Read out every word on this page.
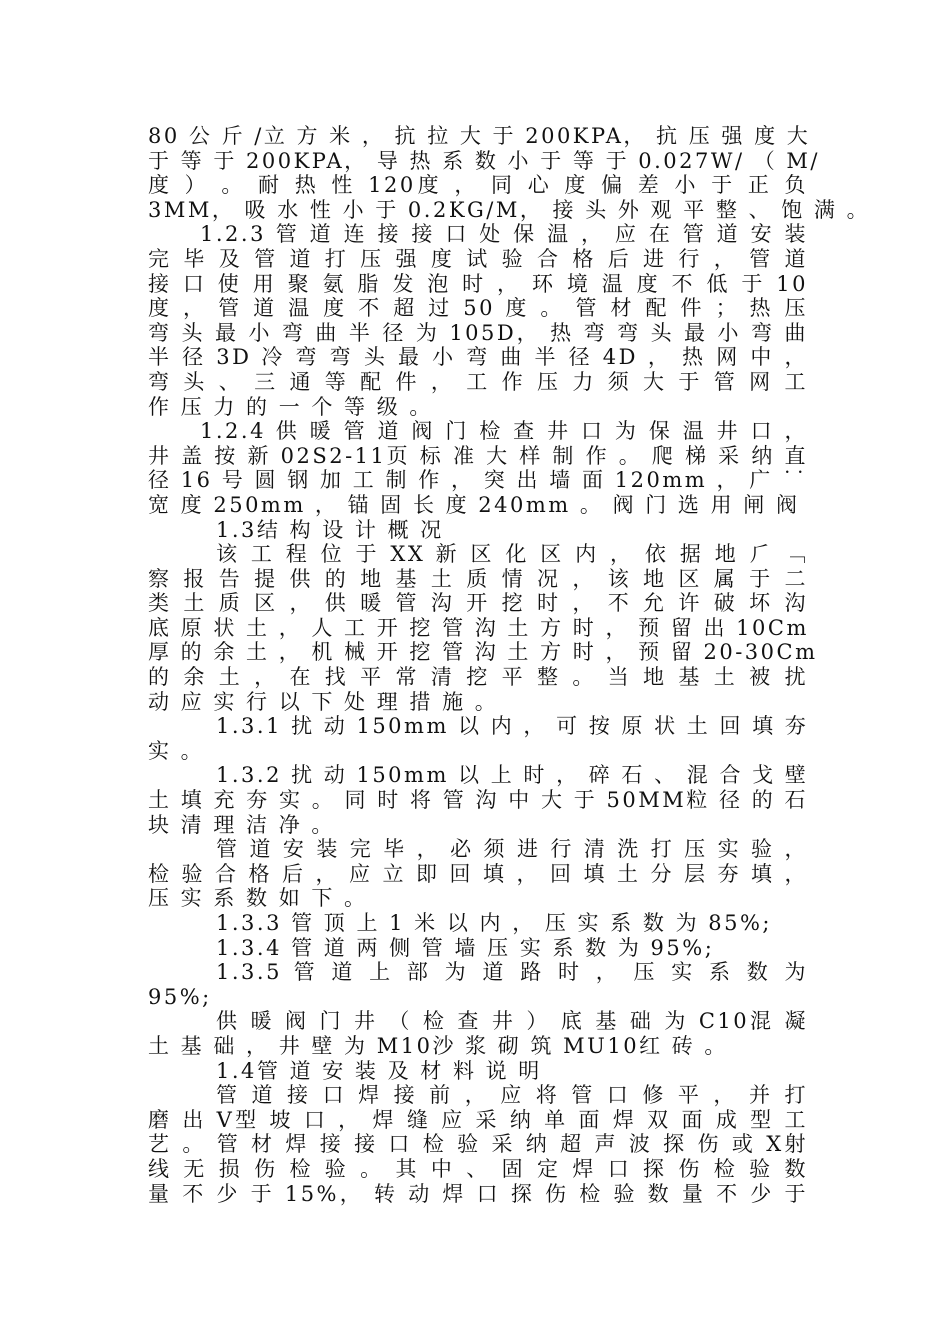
80 公 斤 /立 方 米 ， 抗 拉 大 于 200KPA， 抗 压 强 度 大
于 等 于 200KPA， 导 热 系 数 小 于 等 于 0.027W/ （ M/
度 ） 。 耐 热 性 120度 ， 同 心 度 偏 差 小 于 正 负
3MM， 吸 水 性 小 于 0.2KG/M， 接 头 外 观 平 整 、 饱 满 。
1.2.3 管 道 连 接 接 口 处 保 温 ， 应 在 管 道 安 装
完 毕 及 管 道 打 压 强 度 试 验 合 格 后 进 行 ， 管 道
接 口 使 用 聚 氨 脂 发 泡 时 ， 环 境 温 度 不 低 于 10
度 ， 管 道 温 度 不 超 过 50 度 。 管 材 配 件 ； 热 压
弯 头 最 小 弯 曲 半 径 为 105D， 热 弯 弯 头 最 小 弯 曲
半 径 3D 冷 弯 弯 头 最 小 弯 曲 半 径 4D ， 热 网 中 ，
弯 头 、 三 通 等 配 件 ， 工 作 压 力 须 大 于 管 网 工
作 压 力 的 一 个 等 级 。
1.2.4 供 暖 管 道 阀 门 检 查 井 口 为 保 温 井 口 ，
井 盖 按 新 02S2-11页 标 准 大 样 制 作 。 爬 梯 采 纳 直
径 16 号 圆 钢 加 工 制 作 ， 突 出 墙 面 120mm ， 广 ˙˙
宽 度 250mm ， 锚 固 长 度 240mm 。 阀 门 选 用 闸 阀
1.3结 构 设 计 概 况
该 工 程 位 于 XX 新 区 化 区 内 ， 依 据 地 ⺁ ﹁
察 报 告 提 供 的 地 基 土 质 情 况 ， 该 地 区 属 于 二
类 土 质 区 ， 供 暖 管 沟 开 挖 时 ， 不 允 许 破 坏 沟
底 原 状 土 ， 人 工 开 挖 管 沟 土 方 时 ， 预 留 出 10Cm
厚 的 余 土 ， 机 械 开 挖 管 沟 土 方 时 ， 预 留 20-30Cm
的 余 土 ， 在 找 平 常 清 挖 平 整 。 当 地 基 土 被 扰
动 应 实 行 以 下 处 理 措 施 。
1.3.1 扰 动 150mm 以 内 ， 可 按 原 状 土 回 填 夯
实 。
1.3.2 扰 动 150mm 以 上 时 ， 碎 石 、 混 合 戈 壁
土 填 充 夯 实 。 同 时 将 管 沟 中 大 于 50MM粒 径 的 石
块 清 理 洁 净 。
管 道 安 装 完 毕 ， 必 须 进 行 清 洗 打 压 实 验 ，
检 验 合 格 后 ， 应 立 即 回 填 ， 回 填 土 分 层 夯 填 ，
压 实 系 数 如 下 。
1.3.3 管 顶 上 1 米 以 内 ， 压 实 系 数 为 85%;
1.3.4 管 道 两 侧 管 墙 压 实 系 数 为 95%;
1.3.5 管 道 上 部 为 道 路 时 ， 压 实 系 数 为
95%;
供 暖 阀 门 井 （ 检 查 井 ） 底 基 础 为 C10混 凝
土 基 础 ， 井 壁 为 M10沙 浆 砌 筑 MU10红 砖 。
1.4管 道 安 装 及 材 料 说 明
管 道 接 口 焊 接 前 ， 应 将 管 口 修 平 ， 并 打
磨 出 V型 坡 口 ， 焊 缝 应 采 纳 单 面 焊 双 面 成 型 工
艺 。 管 材 焊 接 接 口 检 验 采 纳 超 声 波 探 伤 或 X射
线 无 损 伤 检 验 。 其 中 、 固 定 焊 口 探 伤 检 验 数
量 不 少 于 15%， 转 动 焊 口 探 伤 检 验 数 量 不 少 于
